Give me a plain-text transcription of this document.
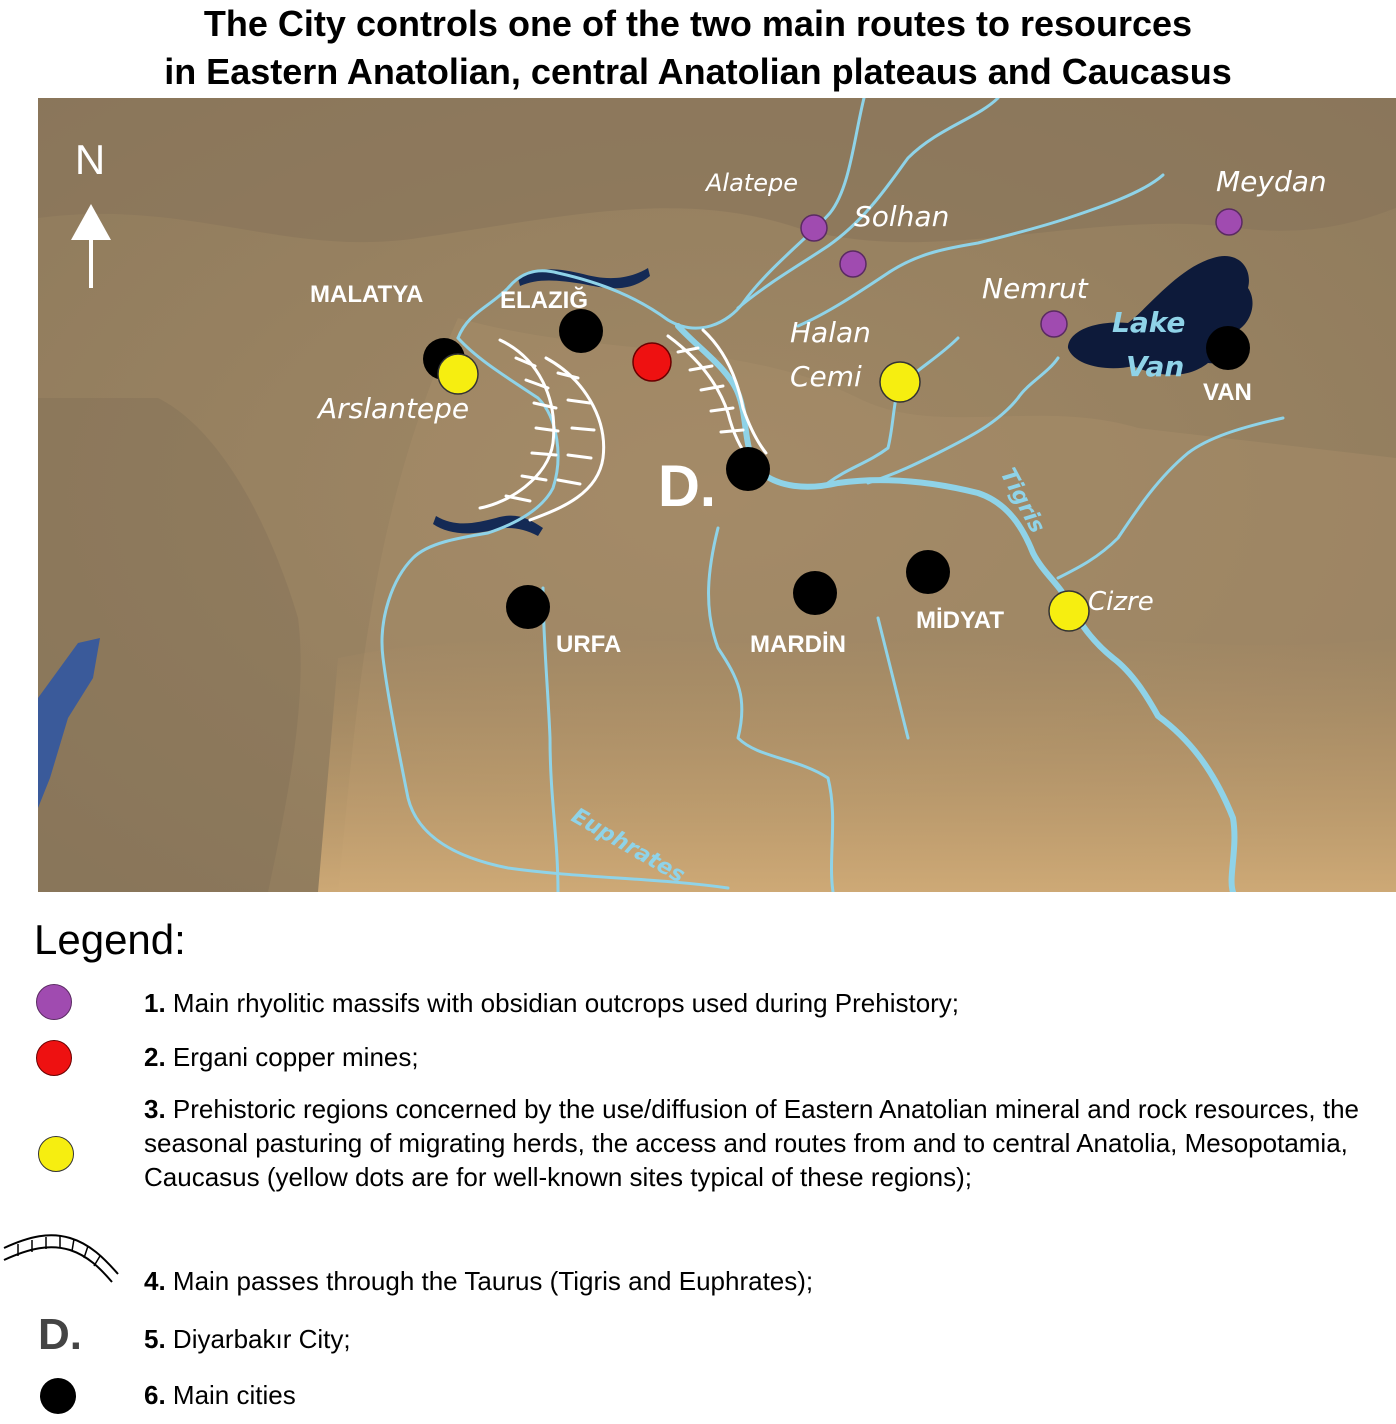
The City controls one of the two main routes to resources
in Eastern Anatolian, central Anatolian plateaus and Caucasus
N
MALATYA	ELAZIĞ
VAN
URFA	MARDİN
MİDYAT
D.
Alatepe
Solhan
Meydan
Nemrut
Halan
Cemi
Arslantepe
Cizre
Lake
Van
Tigris
Euphrates
Legend:
1. Main rhyolitic massifs with obsidian outcrops used during Prehistory;
2. Ergani copper mines;
3. Prehistoric regions concerned by the use/diffusion of Eastern Anatolian mineral and rock resources, the seasonal pasturing of migrating herds, the access and routes from and to central Anatolia, Mesopotamia, Caucasus (yellow dots are for well-known sites typical of these regions);
4. Main passes through the Taurus (Tigris and Euphrates);
D. 5. Diyarbakır City;
6. Main cities
